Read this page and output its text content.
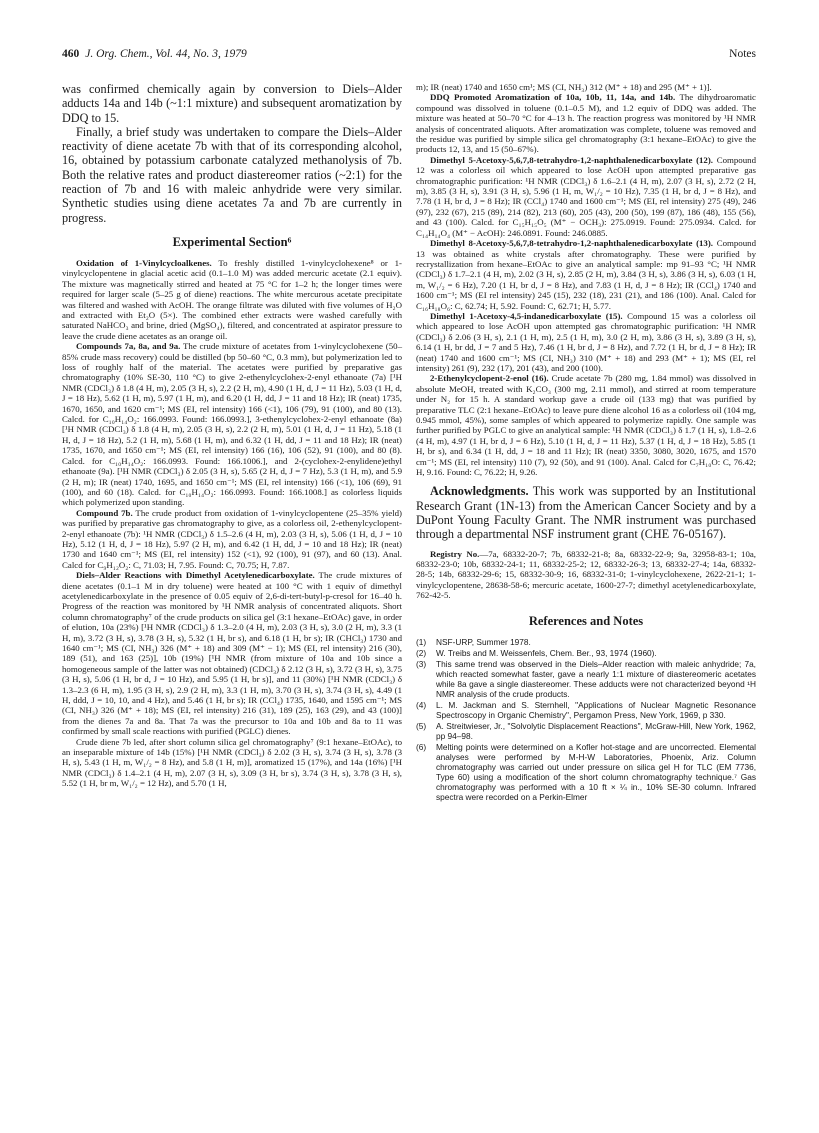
460 J. Org. Chem., Vol. 44, No. 3, 1979	Notes

was confirmed chemically again by conversion to Diels–Alder adducts 14a and 14b (~1:1 mixture) and subsequent aromatization by DDQ to 15.

Finally, a brief study was undertaken to compare the Diels–Alder reactivity of diene acetate 7b with that of its corresponding alcohol, 16, obtained by potassium carbonate catalyzed methanolysis of 7b. Both the relative rates and product diastereomer ratios (~2:1) for the reaction of 7b and 16 with maleic anhydride were very similar. Synthetic studies using diene acetates 7a and 7b are currently in progress.

Experimental Section⁶

Oxidation of 1-Vinylcycloalkenes. To freshly distilled 1-vinylcyclohexene⁸ or 1-vinylcyclopentene in glacial acetic acid (0.1–1.0 M) was added mercuric acetate (2.1 equiv). The mixture was magnetically stirred and heated at 75 °C for 1–2 h; the longer times were required for larger scale (5–25 g of diene) reactions. The white mercurous acetate precipitate was filtered and washed with AcOH. The orange filtrate was diluted with five volumes of H₂O and extracted with Et₂O (5×). The combined ether extracts were washed carefully with saturated NaHCO₃ and brine, dried (MgSO₄), filtered, and concentrated at aspirator pressure to leave the crude diene acetates as an orange oil.

Compounds 7a, 8a, and 9a. The crude mixture of acetates from 1-vinylcyclohexene (50–85% crude mass recovery) could be distilled (bp 50–60 °C, 0.3 mm), but polymerization led to loss of roughly half of the material. The acetates were purified by preparative gas chromatography (10% SE-30, 110 °C) to give 2-ethenylcyclohex-2-enyl ethanoate (7a) [¹H NMR (CDCl₃) δ 1.8 (4 H, m), 2.05 (3 H, s), 2.2 (2 H, m), 4.90 (1 H, d, J = 11 Hz), 5.03 (1 H, d, J = 18 Hz), 5.62 (1 H, m), 5.97 (1 H, m), and 6.20 (1 H, dd, J = 11 and 18 Hz); IR (neat) 1735, 1670, 1650, and 1620 cm⁻¹; MS (EI, rel intensity) 166 (<1), 106 (79), 91 (100), and 80 (13). Calcd. for C₁₀H₁₄O₂: 166.0993. Found: 166.0993.], 3-ethenylcyclohex-2-enyl ethanoate (8a) [¹H NMR (CDCl₃) δ 1.8 (4 H, m), 2.05 (3 H, s), 2.2 (2 H, m), 5.01 (1 H, d, J = 11 Hz), 5.18 (1 H, d, J = 18 Hz), 5.2 (1 H, m), 5.68 (1 H, m), and 6.32 (1 H, dd, J = 11 and 18 Hz); IR (neat) 1735, 1670, and 1650 cm⁻¹; MS (EI, rel intensity) 166 (16), 106 (52), 91 (100), and 80 (8). Calcd. for C₁₀H₁₄O₂: 166.0993. Found: 166.1006.], and 2-(cyclohex-2-enylidene)ethyl ethanoate (9a). [¹H NMR (CDCl₃) δ 2.05 (3 H, s), 5.65 (2 H, d, J = 7 Hz), 5.3 (1 H, m), and 5.9 (2 H, m); IR (neat) 1740, 1695, and 1650 cm⁻¹; MS (EI, rel intensity) 166 (<1), 106 (69), 91 (100), and 60 (18). Calcd. for C₁₀H₁₄O₂: 166.0993. Found: 166.1008.] as colorless liquids which polymerized upon standing.

Compound 7b. The crude product from oxidation of 1-vinylcyclopentene (25–35% yield) was purified by preparative gas chromatography to give, as a colorless oil, 2-ethenylcyclopent-2-enyl ethanoate (7b): ¹H NMR (CDCl₃) δ 1.5–2.6 (4 H, m), 2.03 (3 H, s), 5.06 (1 H, d, J = 10 Hz), 5.12 (1 H, d, J = 18 Hz), 5.97 (2 H, m), and 6.42 (1 H, dd, J = 10 and 18 Hz); IR (neat) 1730 and 1640 cm⁻¹; MS (EI, rel intensity) 152 (<1), 92 (100), 91 (97), and 60 (13). Anal. Calcd for C₉H₁₂O₂: C, 71.03; H, 7.95. Found: C, 70.75; H, 7.87.

Diels–Alder Reactions with Dimethyl Acetylenedicarboxylate. The crude mixtures of diene acetates (0.1–1 M in dry toluene) were heated at 100 °C with 1 equiv of dimethyl acetylenedicarboxylate in the presence of 0.05 equiv of 2,6-di-tert-butyl-p-cresol for 16–40 h. Progress of the reaction was monitored by ¹H NMR analysis of concentrated aliquots. Short column chromatography⁷ of the crude products on silica gel (3:1 hexane–EtOAc) gave, in order of elution, 10a (23%) [¹H NMR (CDCl₃) δ 1.3–2.0 (4 H, m), 2.03 (3 H, s), 3.0 (2 H, m), 3.3 (1 H, m), 3.72 (3 H, s), 3.78 (3 H, s), 5.32 (1 H, br s), and 6.18 (1 H, br s); IR (CHCl₃) 1730 and 1640 cm⁻¹; MS (CI, NH₃) 326 (M⁺ + 18) and 309 (M⁺ − 1); MS (EI, rel intensity) 216 (30), 189 (51), and 163 (25)], 10b (19%) [¹H NMR (from mixture of 10a and 10b since a homogeneous sample of the latter was not obtained) (CDCl₃) δ 2.12 (3 H, s), 3.72 (3 H, s), 3.75 (3 H, s), 5.06 (1 H, br d, J = 10 Hz), and 5.95 (1 H, br s)], and 11 (30%) [¹H NMR (CDCl₃) δ 1.3–2.3 (6 H, m), 1.95 (3 H, s), 2.9 (2 H, m), 3.3 (1 H, m), 3.70 (3 H, s), 3.74 (3 H, s), 4.49 (1 H, ddd, J = 10, 10, and 4 Hz), and 5.46 (1 H, br s); IR (CCl₄) 1735, 1640, and 1595 cm⁻¹; MS (CI, NH₃) 326 (M⁺ + 18); MS (EI, rel intensity) 216 (31), 189 (25), 163 (29), and 43 (100)] from the dienes 7a and 8a. That 7a was the precursor to 10a and 10b and 8a to 11 was confirmed by small scale reactions with purified (PGLC) dienes.

Crude diene 7b led, after short column silica gel chromatography⁷ (9:1 hexane–EtOAc), to an inseparable mixture of 14b (15%) [¹H NMR (CDCl₃) δ 2.02 (3 H, s), 3.74 (3 H, s), 3.78 (3 H, s), 5.43 (1 H, m, W₁/₂ = 8 Hz), and 5.8 (1 H, m)], aromatized 15 (17%), and 14a (16%) [¹H NMR (CDCl₃) δ 1.4–2.1 (4 H, m), 2.07 (3 H, s), 3.09 (3 H, br s), 3.74 (3 H, s), 3.78 (3 H, s), 5.52 (1 H, br m, W₁/₂ = 12 Hz), and 5.70 (1 H,

m); IR (neat) 1740 and 1650 cm¹; MS (CI, NH₃) 312 (M⁺ + 18) and 295 (M⁺ + 1)].

DDQ Promoted Aromatization of 10a, 10b, 11, 14a, and 14b. The dihydroaromatic compound was dissolved in toluene (0.1–0.5 M), and 1.2 equiv of DDQ was added. The mixture was heated at 50–70 °C for 4–13 h. The reaction progress was monitored by ¹H NMR analysis of concentrated aliquots. After aromatization was complete, toluene was removed and the residue was purified by simple silica gel chromatography (3:1 hexane–EtOAc) to give the products 12, 13, and 15 (50–67%).

Dimethyl 5-Acetoxy-5,6,7,8-tetrahydro-1,2-naphthalenedicarboxylate (12). Compound 12 was a colorless oil which appeared to lose AcOH upon attempted preparative gas chromatographic purification: ¹H NMR (CDCl₃) δ 1.6–2.1 (4 H, m), 2.07 (3 H, s), 2.72 (2 H, m), 3.85 (3 H, s), 3.91 (3 H, s), 5.96 (1 H, m, W₁/₂ = 10 Hz), 7.35 (1 H, br d, J = 8 Hz), and 7.78 (1 H, br d, J = 8 Hz); IR (CCl₄) 1740 and 1600 cm⁻¹; MS (EI, rel intensity) 275 (49), 246 (97), 232 (67), 215 (89), 214 (82), 213 (60), 205 (43), 200 (50), 199 (87), 186 (48), 155 (56), and 43 (100). Calcd. for C₁₅H₁₅O₅ (M⁺ − OCH₃): 275.0919. Found: 275.0934. Calcd. for C₁₄H₁₄O₄ (M⁺ − AcOH): 246.0891. Found: 246.0885.

Dimethyl 8-Acetoxy-5,6,7,8-tetrahydro-1,2-naphthalenedicarboxylate (13). Compound 13 was obtained as white crystals after chromatography. These were purified by recrystallization from hexane–EtOAc to give an analytical sample: mp 91–93 °C; ¹H NMR (CDCl₃) δ 1.7–2.1 (4 H, m), 2.02 (3 H, s), 2.85 (2 H, m), 3.84 (3 H, s), 3.86 (3 H, s), 6.03 (1 H, m, W₁/₂ = 6 Hz), 7.20 (1 H, br d, J = 8 Hz), and 7.83 (1 H, d, J = 8 Hz); IR (CCl₄) 1740 and 1600 cm⁻¹; MS (EI rel intensity) 245 (15), 232 (18), 231 (21), and 186 (100). Anal. Calcd for C₁₆H₁₈O₆: C, 62.74; H, 5.92. Found: C, 62.71; H, 5.77.

Dimethyl 1-Acetoxy-4,5-indanedicarboxylate (15). Compound 15 was a colorless oil which appeared to lose AcOH upon attempted gas chromatographic purification: ¹H NMR (CDCl₃) δ 2.06 (3 H, s), 2.1 (1 H, m), 2.5 (1 H, m), 3.0 (2 H, m), 3.86 (3 H, s), 3.89 (3 H, s), 6.14 (1 H, br dd, J = 7 and 5 Hz), 7.46 (1 H, br d, J = 8 Hz), and 7.72 (1 H, br d, J = 8 Hz); IR (neat) 1740 and 1600 cm⁻¹; MS (CI, NH₃) 310 (M⁺ + 18) and 293 (M⁺ + 1); MS (EI, rel intensity) 261 (9), 232 (17), 201 (43), and 200 (100).

2-Ethenylcyclopent-2-enol (16). Crude acetate 7b (280 mg, 1.84 mmol) was dissolved in absolute MeOH, treated with K₂CO₃ (300 mg, 2.11 mmol), and stirred at room temperature under N₂ for 15 h. A standard workup gave a crude oil (133 mg) that was purified by preparative TLC (2:1 hexane–EtOAc) to leave pure diene alcohol 16 as a colorless oil (104 mg, 0.945 mmol, 45%), some samples of which appeared to polymerize rapidly. One sample was further purified by PGLC to give an analytical sample: ¹H NMR (CDCl₃) δ 1.7 (1 H, s), 1.8–2.6 (4 H, m), 4.97 (1 H, br d, J = 6 Hz), 5.10 (1 H, d, J = 11 Hz), 5.37 (1 H, d, J = 18 Hz), 5.85 (1 H, br s), and 6.34 (1 H, dd, J = 18 and 11 Hz); IR (neat) 3350, 3080, 3020, 1675, and 1570 cm⁻¹; MS (EI, rel intensity) 110 (7), 92 (50), and 91 (100). Anal. Calcd for C₇H₁₀O: C, 76.42; H, 9.16. Found: C, 76.22; H, 9.26.

Acknowledgments. This work was supported by an Institutional Research Grant (1N-13) from the American Cancer Society and by a DuPont Young Faculty Grant. The NMR instrument was purchased through a departmental NSF instrument grant (CHE 76-05167).

Registry No.—7a, 68332-20-7; 7b, 68332-21-8; 8a, 68332-22-9; 9a, 32958-83-1; 10a, 68332-23-0; 10b, 68332-24-1; 11, 68332-25-2; 12, 68332-26-3; 13, 68332-27-4; 14a, 68332-28-5; 14b, 68332-29-6; 15, 68332-30-9; 16, 68332-31-0; 1-vinylcyclohexene, 2622-21-1; 1-vinylcyclopentene, 28638-58-6; mercuric acetate, 1600-27-7; dimethyl acetylenedicarboxylate, 762-42-5.

References and Notes
(1)	NSF-URP, Summer 1978.
(2)	W. Treibs and M. Weissenfels, Chem. Ber., 93, 1974 (1960).
(3)	This same trend was observed in the Diels–Alder reaction with maleic anhydride; 7a, which reacted somewhat faster, gave a nearly 1:1 mixture of diastereomeric acetates while 8a gave a single diastereomer. These adducts were not characterized beyond ¹H NMR analysis of the crude products.
(4)	L. M. Jackman and S. Sternhell, "Applications of Nuclear Magnetic Resonance Spectroscopy in Organic Chemistry", Pergamon Press, New York, 1969, p 330.
(5)	A. Streitwieser, Jr., "Solvolytic Displacement Reactions", McGraw-Hill, New York, 1962, pp 94–98.
(6)	Melting points were determined on a Kofler hot-stage and are uncorrected. Elemental analyses were performed by M-H-W Laboratories, Phoenix, Ariz. Column chromatography was carried out under pressure on silica gel H for TLC (EM 7736, Type 60) using a modification of the short column chromatography technique.⁷ Gas chromatography was performed with a 10 ft × ¼ in., 10% SE-30 column. Infrared spectra were recorded on a Perkin-Elmer
